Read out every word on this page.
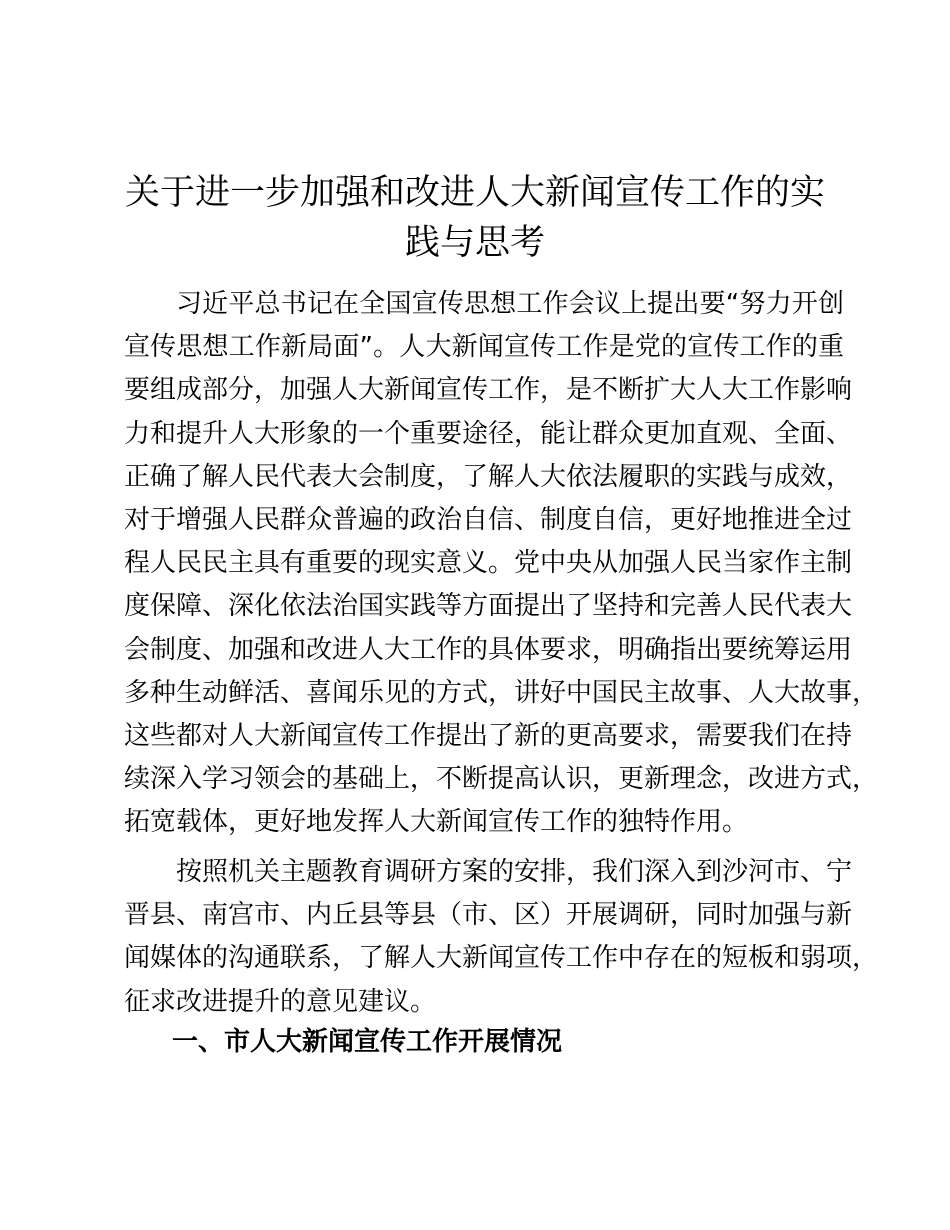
关于进一步加强和改进人大新闻宣传工作的实
践与思考
习近平总书记在全国宣传思想工作会议上提出要“努力开创
宣传思想工作新局面”。人大新闻宣传工作是党的宣传工作的重
要组成部分，加强人大新闻宣传工作，是不断扩大人大工作影响
力和提升人大形象的一个重要途径，能让群众更加直观、全面、
正确了解人民代表大会制度，了解人大依法履职的实践与成效，
对于增强人民群众普遍的政治自信、制度自信，更好地推进全过
程人民民主具有重要的现实意义。党中央从加强人民当家作主制
度保障、深化依法治国实践等方面提出了坚持和完善人民代表大
会制度、加强和改进人大工作的具体要求，明确指出要统筹运用
多种生动鲜活、喜闻乐见的方式，讲好中国民主故事、人大故事，
这些都对人大新闻宣传工作提出了新的更高要求，需要我们在持
续深入学习领会的基础上，不断提高认识，更新理念，改进方式，
拓宽载体，更好地发挥人大新闻宣传工作的独特作用。
按照机关主题教育调研方案的安排，我们深入到沙河市、宁
晋县、南宫市、内丘县等县（市、区）开展调研，同时加强与新
闻媒体的沟通联系，了解人大新闻宣传工作中存在的短板和弱项，
征求改进提升的意见建议。
一、市人大新闻宣传工作开展情况
